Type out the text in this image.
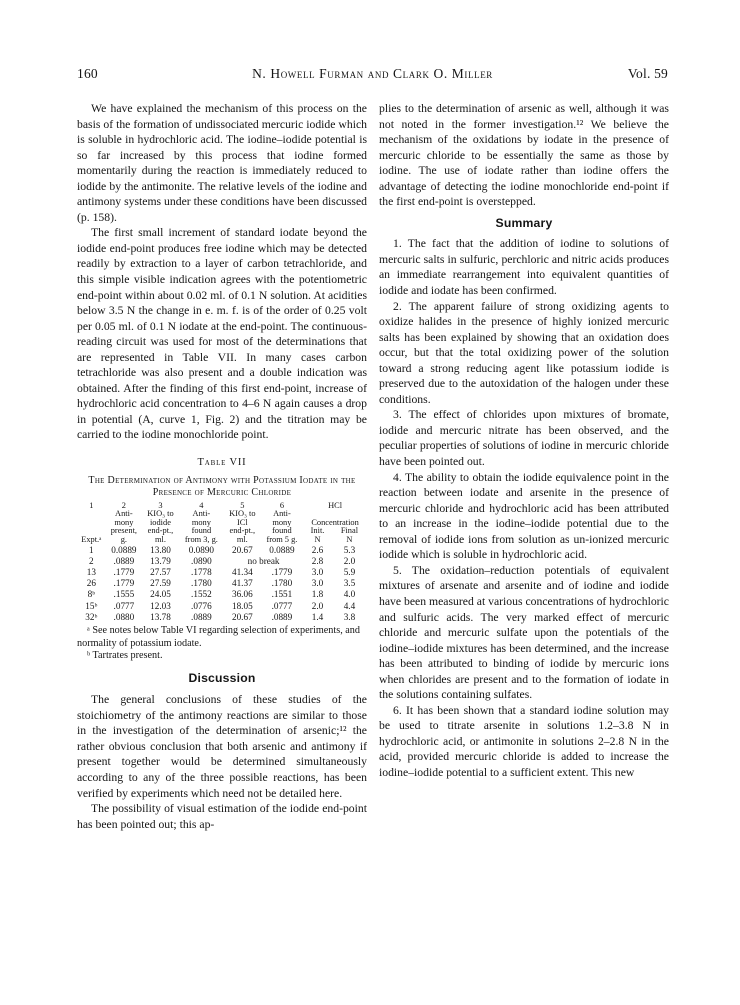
160	N. Howell Furman and Clark O. Miller	Vol. 59

We have explained the mechanism of this process on the basis of the formation of undissociated mercuric iodide which is soluble in hydrochloric acid. The iodine–iodide potential is so far increased by this process that iodine formed momentarily during the reaction is immediately reduced to iodide by the antimonite. The relative levels of the iodine and antimony systems under these conditions have been discussed (p. 158).

The first small increment of standard iodate beyond the iodide end-point produces free iodine which may be detected readily by extraction to a layer of carbon tetrachloride, and this simple visible indication agrees with the potentiometric end-point within about 0.02 ml. of 0.1 N solution. At acidities below 3.5 N the change in e. m. f. is of the order of 0.25 volt per 0.05 ml. of 0.1 N iodate at the end-point. The continuous-reading circuit was used for most of the determinations that are represented in Table VII. In many cases carbon tetrachloride was also present and a double indication was obtained. After the finding of this first end-point, increase of hydrochloric acid concentration to 4–6 N again causes a drop in potential (A, curve 1, Fig. 2) and the titration may be carried to the iodine monochloride point.

Table VII
The Determination of Antimony with Potassium Iodate in the Presence of Mercuric Chloride
1	2	3	4	5	6	HCl	
	Anti-	KIO₃ to	Anti-	KIO₃ to	Anti-		
	mony	iodide	mony	ICl	mony	Concentration	
	present,	end-pt.,	found	end-pt.,	found	Init.	Final
Expt.ᵃ	g.	ml.	from 3, g.	ml.	from 5 g.	N	N
1	0.0889	13.80	0.0890	20.67	0.0889	2.6	5.3
2	.0889	13.79	.0890	no break		2.8	2.0
13	.1779	27.57	.1778	41.34	.1779	3.0	5.9
26	.1779	27.59	.1780	41.37	.1780	3.0	3.5
8ᵇ	.1555	24.05	.1552	36.06	.1551	1.8	4.0
15ᵇ	.0777	12.03	.0776	18.05	.0777	2.0	4.4
32ᵇ	.0880	13.78	.0889	20.67	.0889	1.4	3.8
ᵃ See notes below Table VI regarding selection of experiments, and normality of potassium iodate.
ᵇ Tartrates present.
Discussion

The general conclusions of these studies of the stoichiometry of the antimony reactions are similar to those in the investigation of the determination of arsenic;¹² the rather obvious conclusion that both arsenic and antimony if present together would be determined simultaneously according to any of the three possible reactions, has been verified by experiments which need not be detailed here.

The possibility of visual estimation of the iodide end-point has been pointed out; this ap-

plies to the determination of arsenic as well, although it was not noted in the former investigation.¹² We believe the mechanism of the oxidations by iodate in the presence of mercuric chloride to be essentially the same as those by iodine. The use of iodate rather than iodine offers the advantage of detecting the iodine monochloride end-point if the first end-point is overstepped.

Summary

1. The fact that the addition of iodine to solutions of mercuric salts in sulfuric, perchloric and nitric acids produces an immediate rearrangement into equivalent quantities of iodide and iodate has been confirmed.

2. The apparent failure of strong oxidizing agents to oxidize halides in the presence of highly ionized mercuric salts has been explained by showing that an oxidation does occur, but that the total oxidizing power of the solution toward a strong reducing agent like potassium iodide is preserved due to the autoxidation of the halogen under these conditions.

3. The effect of chlorides upon mixtures of bromate, iodide and mercuric nitrate has been observed, and the peculiar properties of solutions of iodine in mercuric chloride have been pointed out.

4. The ability to obtain the iodide equivalence point in the reaction between iodate and arsenite in the presence of mercuric chloride and hydrochloric acid has been attributed to an increase in the iodine–iodide potential due to the removal of iodide ions from solution as un-ionized mercuric iodide which is soluble in hydrochloric acid.

5. The oxidation–reduction potentials of equivalent mixtures of arsenate and arsenite and of iodine and iodide have been measured at various concentrations of hydrochloric and sulfuric acids. The very marked effect of mercuric chloride and mercuric sulfate upon the potentials of the iodine–iodide mixtures has been determined, and the increase has been attributed to binding of iodide by mercuric ions when chlorides are present and to the formation of iodate in the solutions containing sulfates.

6. It has been shown that a standard iodine solution may be used to titrate arsenite in solutions 1.2–3.8 N in hydrochloric acid, or antimonite in solutions 2–2.8 N in the acid, provided mercuric chloride is added to increase the iodine–iodide potential to a sufficient extent. This new
